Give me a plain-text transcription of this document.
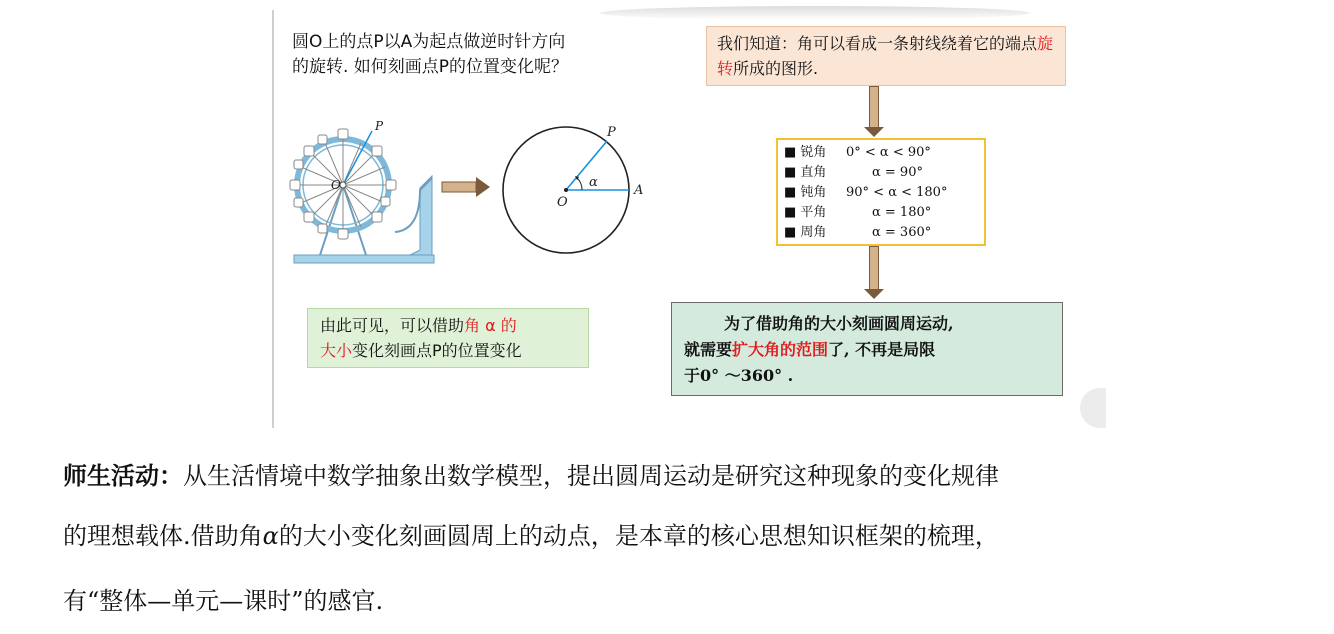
圆O上的点P以A为起点做逆时针方向
的旋转. 如何刻画点P的位置变化呢？
P
O
P
O
A
α
我们知道：角可以看成一条射线绕着它的端点旋转所成的图形.
■ 锐角 0° < α < 90°
■ 直角	α = 90°
■ 钝角 90° < α < 180°
■ 平角	α = 180°
■ 周角	α = 360°
为了借助角的大小刻画圆周运动,
就需要扩大角的范围了, 不再是局限
于0° ～360° .
由此可见，可以借助角 α 的
大小变化刻画点P的位置变化
师生活动：从生活情境中数学抽象出数学模型，提出圆周运动是研究这种现象的变化规律
的理想载体.借助角α的大小变化刻画圆周上的动点，是本章的核心思想知识框架的梳理，
有“整体—单元—课时”的感官.
